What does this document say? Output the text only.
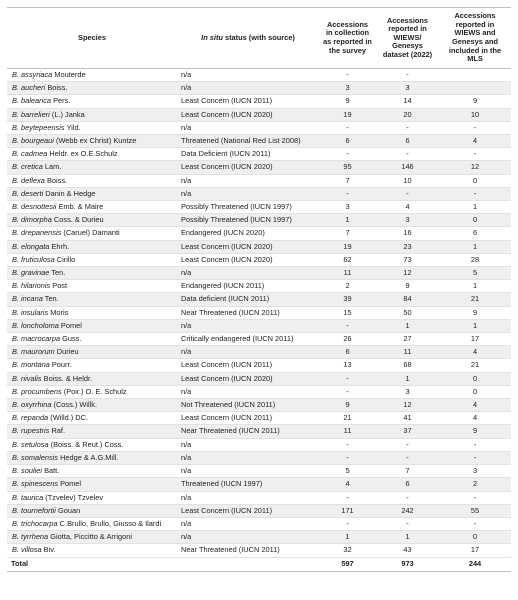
Species	In situ status (with source)	Accessions in collection as reported in the survey	Accessions reported in WIEWS/ Genesys dataset (2022)	Accessions reported in WIEWS and Genesys and included in the MLS
B. assyriaca Mouterde	n/a	-	-	
B. aucheri Boiss.	n/a	3	3	
B. balearica Pers.	Least Concern (IUCN 2011)	9	14	9
B. barrelieri (L.) Janka	Least Concern (IUCN 2020)	19	20	10
B. beytepeensis Yild.	n/a	-	-	-
B. bourgeaui (Webb ex Christ) Kuntze	Threatened (National Red List 2008)	6	6	4
B. cadmea Heldr. ex O.E.Schulz	Data Deficient (IUCN 2011)	-	-	-
B. cretica Lam.	Least Concern (IUCN 2020)	95	146	12
B. deflexa Boiss.	n/a	7	10	0
B. deserti Danin & Hedge	n/a	-	-	-
B. desnottesii Emb. & Maire	Possibly Threatened (IUCN 1997)	3	4	1
B. dimorpha Coss. & Durieu	Possibly Threatened (IUCN 1997)	1	3	0
B. drepanensis (Caruel) Damanti	Endangered (IUCN 2020)	7	16	6
B. elongata Ehrh.	Least Concern (IUCN 2020)	19	23	1
B. fruticulosa Cirillo	Least Concern (IUCN 2020)	62	73	28
B. gravinae Ten.	n/a	11	12	5
B. hilarionis Post	Endangered (IUCN 2011)	2	9	1
B. incana Ten.	Data deficient (IUCN 2011)	39	84	21
B. insularis Moris	Near Threatened (IUCN 2011)	15	50	9
B. loncholoma Pomel	n/a	-	1	1
B. macrocarpa Guss.	Critically endangered (IUCN 2011)	26	27	17
B. maurorum Durieu	n/a	6	11	4
B. montana Pourr.	Least Concern (IUCN 2011)	13	68	21
B. nivalis Boiss. & Heldr.	Least Concern (IUCN 2020)	-	1	0
B. procumbens (Poir.) O. E. Schulz	n/a	-	3	0
B. oxyrrhina (Coss.) Willk.	Not Threatened (IUCN 2011)	9	12	4
B. repanda (Willd.) DC.	Least Concern (IUCN 2011)	21	41	4
B. rupestris Raf.	Near Threatened (IUCN 2011)	11	37	9
B. setulosa (Boiss. & Reut.) Coss.	n/a	-	-	-
B. somalensis Hedge & A.G.Mill.	n/a	-	-	-
B. souliei Batt.	n/a	5	7	3
B. spinescens Pomel	Threatened (IUCN 1997)	4	6	2
B. taurica (Tzvelev) Tzvelev	n/a	-	-	-
B. tournefortii Gouan	Least Concern (IUCN 2011)	171	242	55
B. trichocarpa C.Brullo, Brullo, Giusso & Ilardi	n/a	-	-	-
B. tyrrhena Giotta, Piccitto & Arrigoni	n/a	1	1	0
B. villosa Biv.	Near Threatened (IUCN 2011)	32	43	17
Total		597	973	244
